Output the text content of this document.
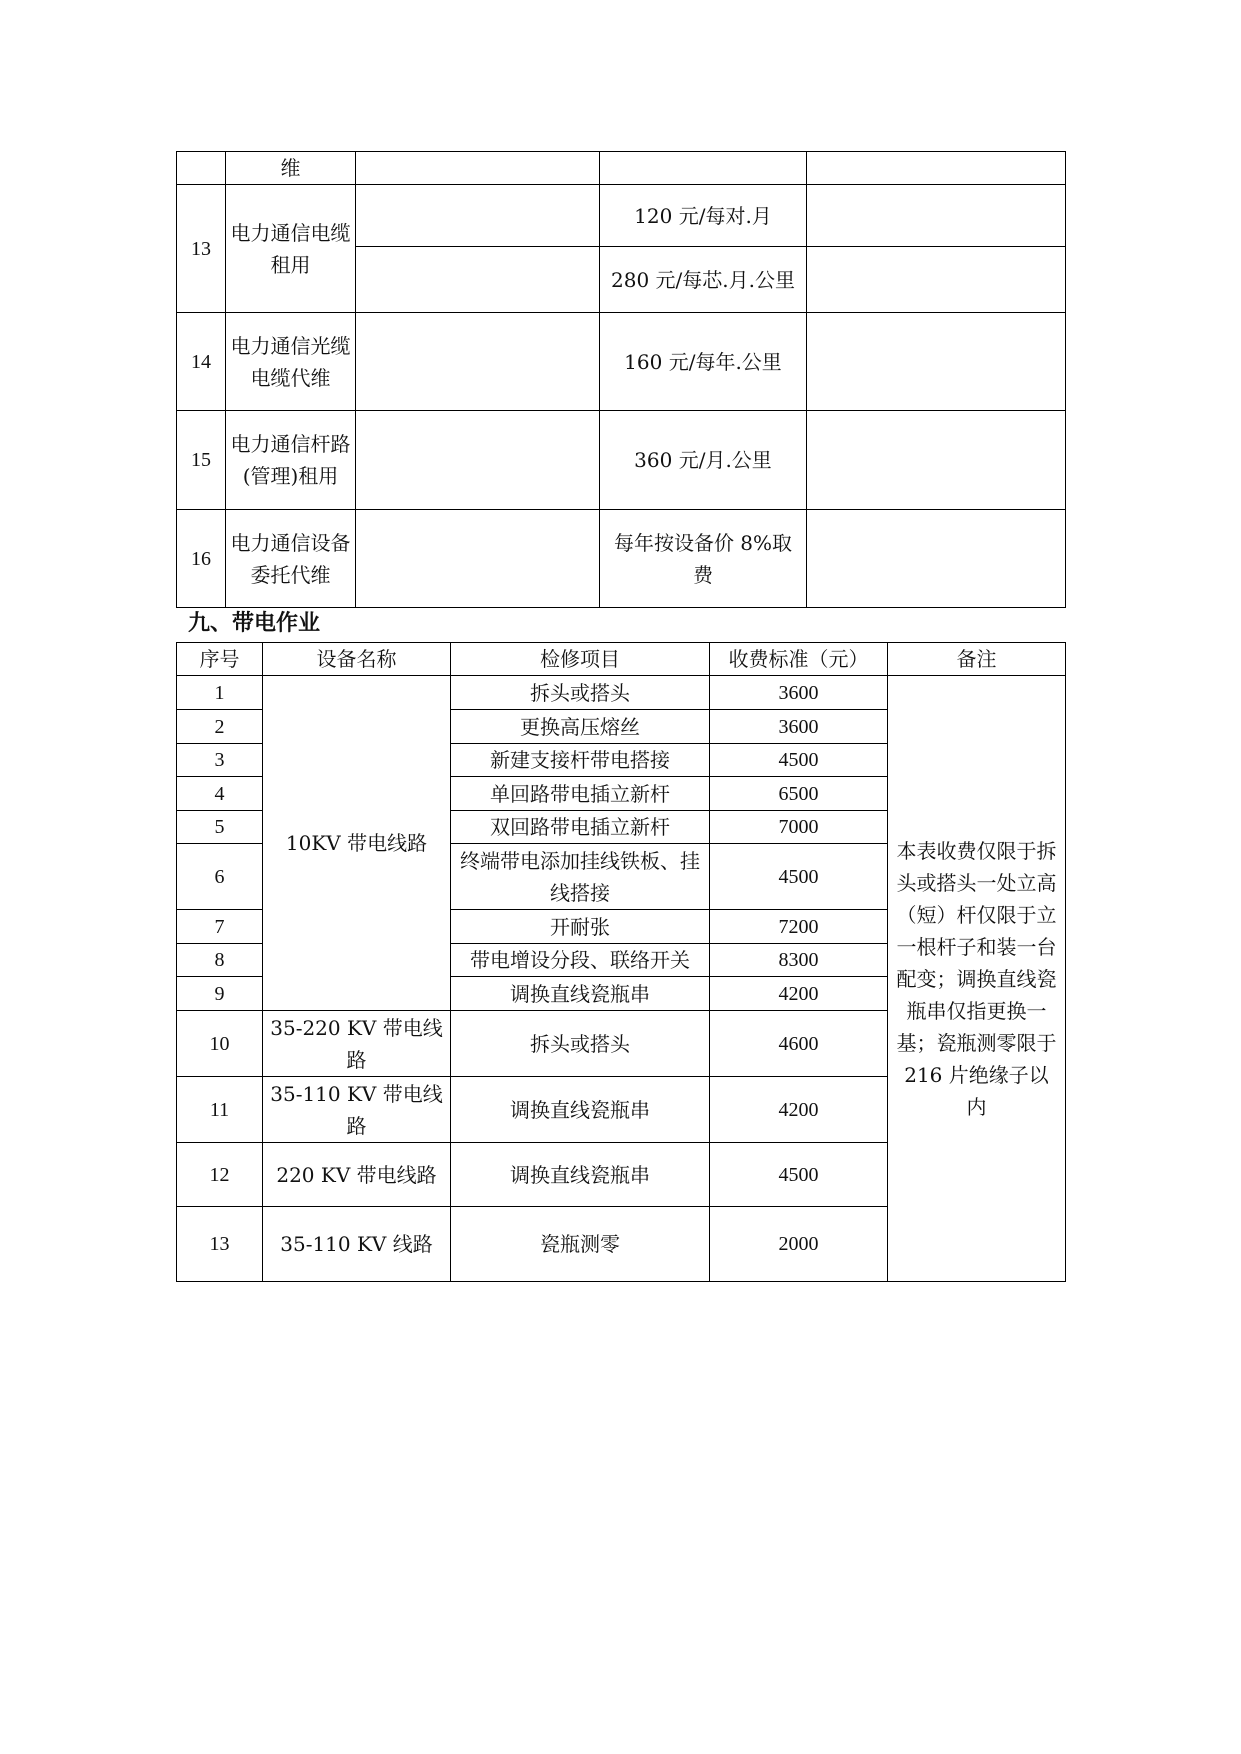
	维			
13	电力通信电缆租用		120 元/每对.月	
			280 元/每芯.月.公里	
14	电力通信光缆电缆代维		160 元/每年.公里	
15	电力通信杆路(管理)租用		360 元/月.公里	
16	电力通信设备委托代维		每年按设备价 8%取费	
九、带电作业
序号	设备名称	检修项目	收费标准（元）	备注
1	10KV 带电线路	拆头或搭头	3600	本表收费仅限于拆头或搭头一处立高（短）杆仅限于立一根杆子和装一台配变；调换直线瓷瓶串仅指更换一基；瓷瓶测零限于216 片绝缘子以内
2		更换高压熔丝	3600	
3		新建支接杆带电搭接	4500	
4		单回路带电插立新杆	6500	
5		双回路带电插立新杆	7000	
6		终端带电添加挂线铁板、挂线搭接	4500	
7		开耐张	7200	
8		带电增设分段、联络开关	8300	
9		调换直线瓷瓶串	4200	
10	35-220 KV 带电线路	拆头或搭头	4600	
11	35-110 KV 带电线路	调换直线瓷瓶串	4200	
12	220 KV 带电线路	调换直线瓷瓶串	4500	
13	35-110 KV 线路	瓷瓶测零	2000	
